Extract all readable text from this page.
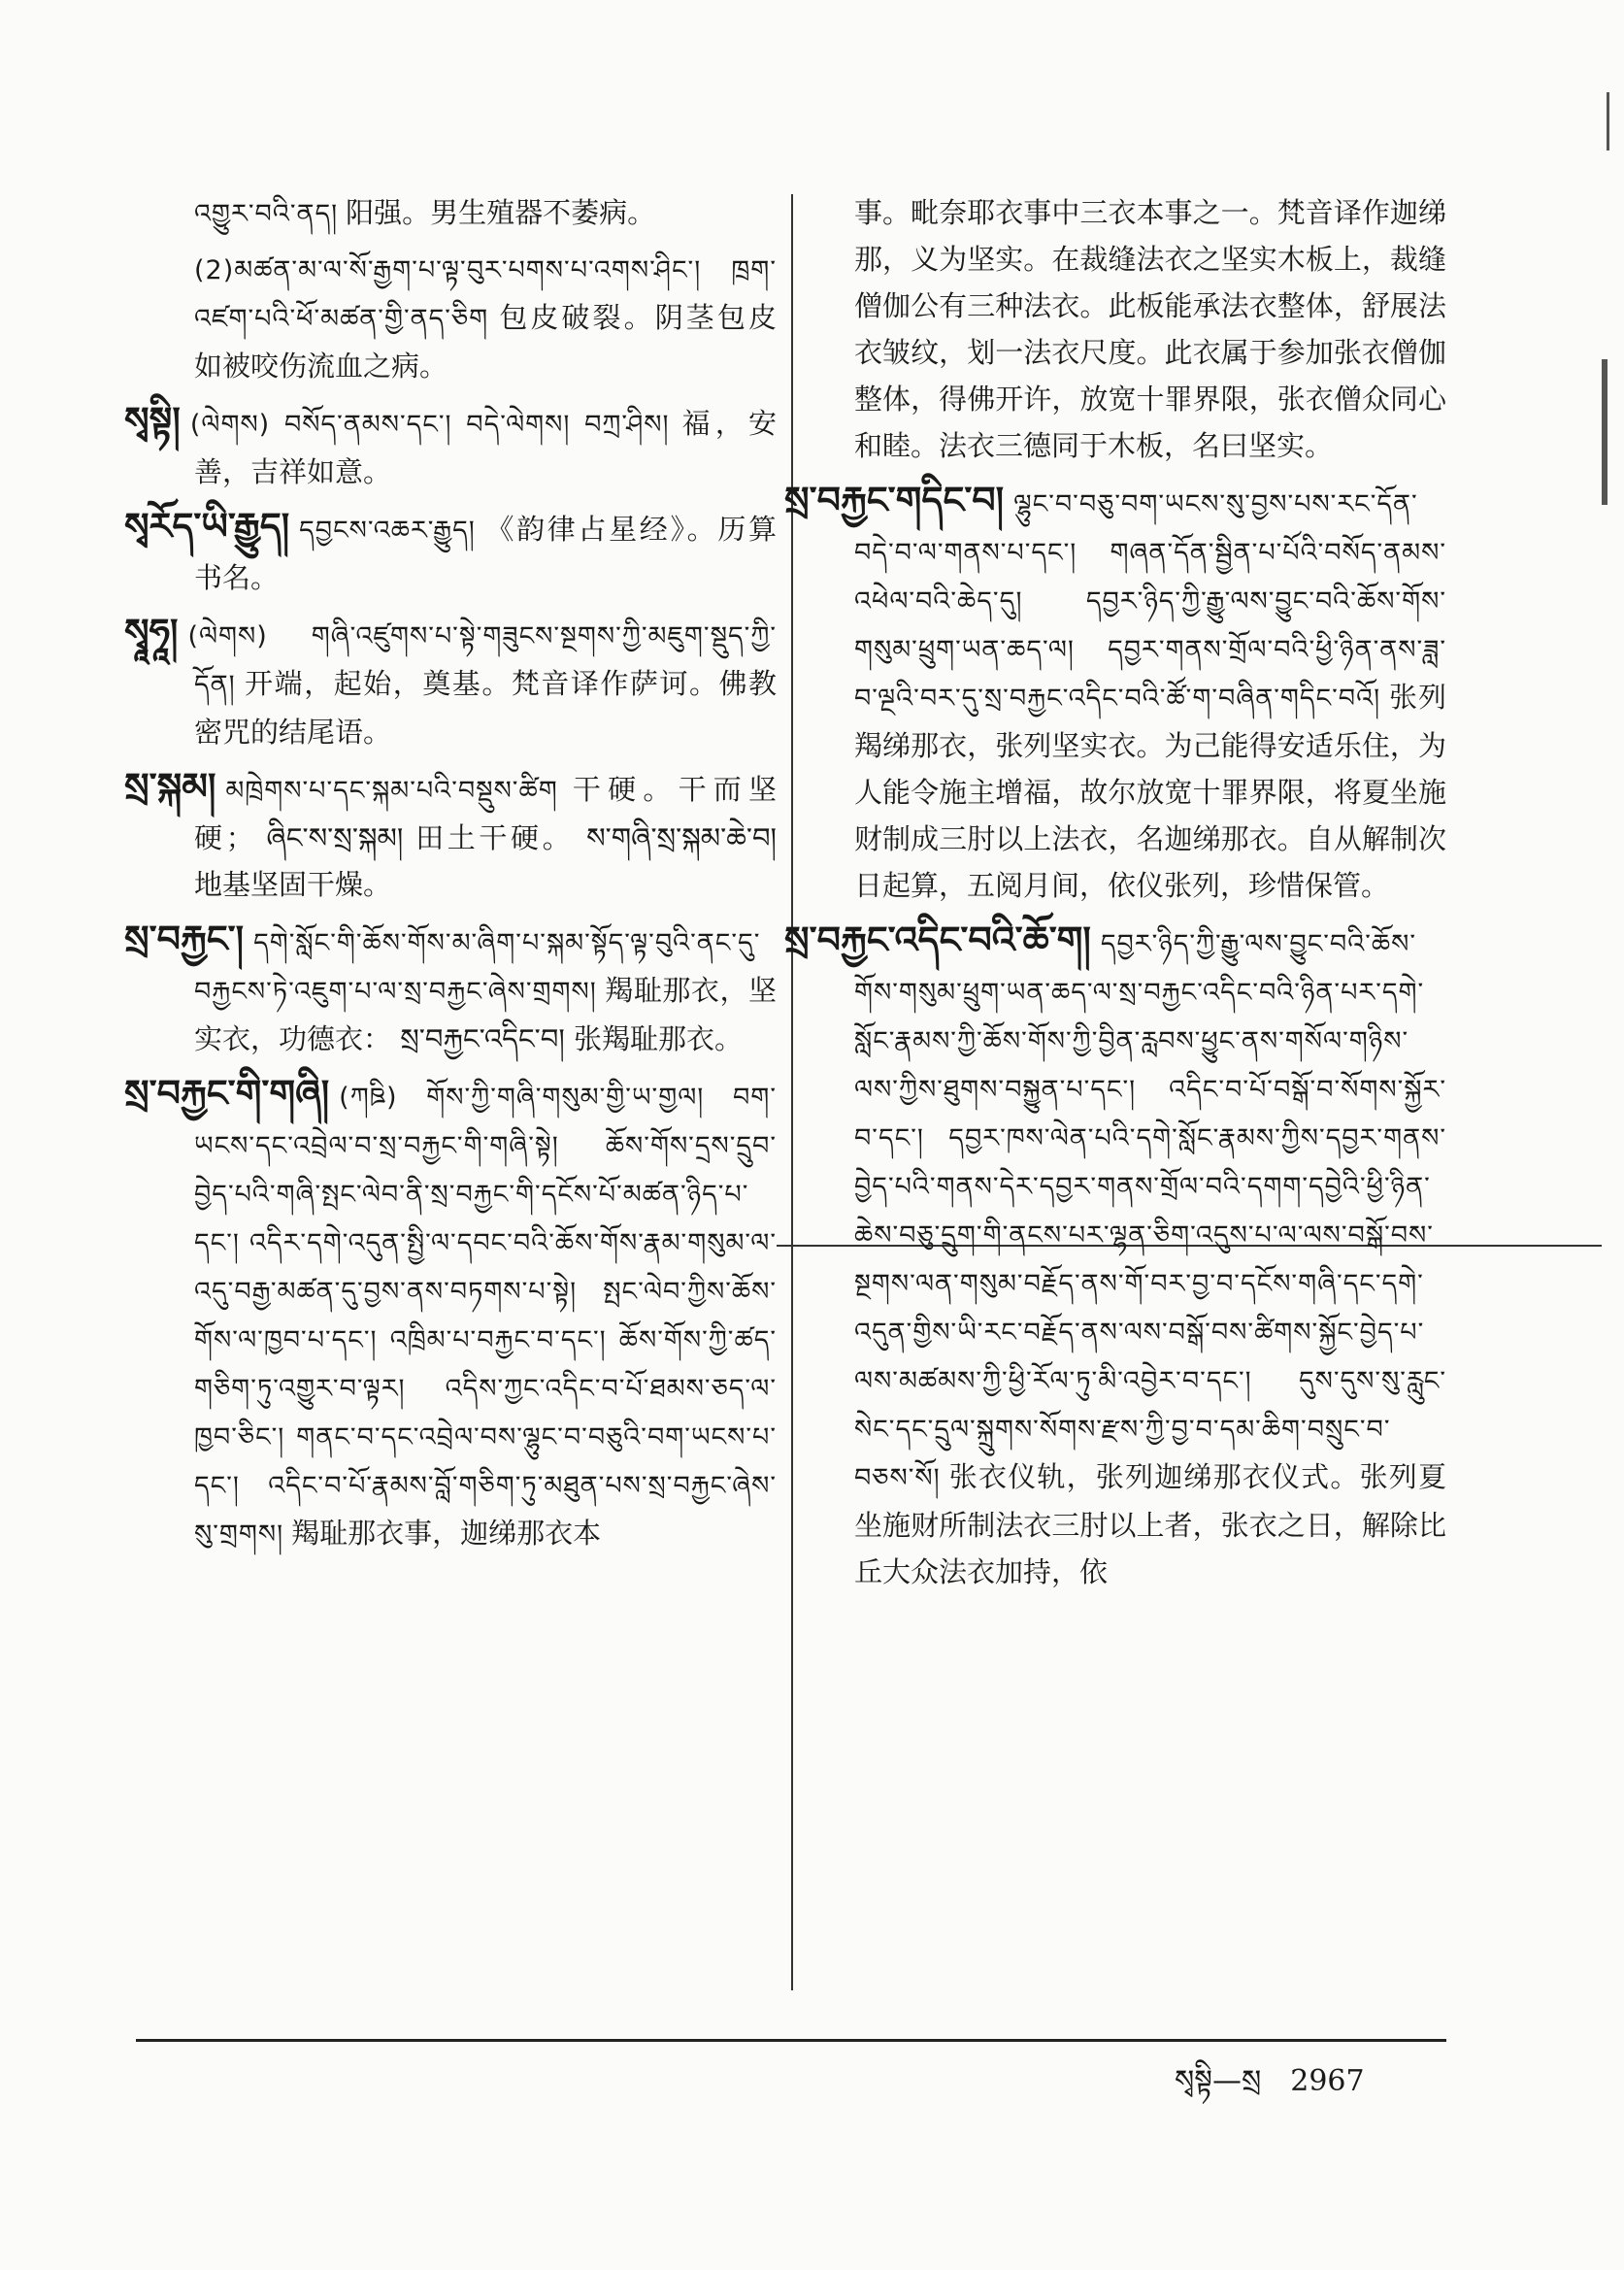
འགྱུར་བའི་ནད། 阳强。男生殖器不萎病。

(2)མཚན་མ་ལ་སོ་རྒྱག་པ་ལྟ་བུར་པགས་པ་འགས་ཤིང་། ཁྲག་འཛག་པའི་ཕོ་མཚན་གྱི་ནད་ཅིག 包皮破裂。阴茎包皮如被咬伤流血之病。

སྭསྟི། (ལེགས) བསོད་ནམས་དང་། བདེ་ལེགས། བཀྲ་ཤིས། 福，安善，吉祥如意。

སྭརོད་ཡི་རྒྱུད། དབྱངས་འཆར་རྒྱུད། 《韵律占星经》。历算书名。

སྭཱཧཱ། (ལེགས) གཞི་འཛུགས་པ་སྟེ་གཟུངས་སྔགས་ཀྱི་མཇུག་སྡུད་ཀྱི་དོན། 开端，起始，奠基。梵音译作萨诃。佛教密咒的结尾语。

སྲ་སྐམ། མཁྲེགས་པ་དང་སྐམ་པའི་བསྡུས་ཚིག 干硬。干而坚硬； ཞིང་ས་སྲ་སྐམ། 田土干硬。 ས་གཞི་སྲ་སྐམ་ཆེ་བ། 地基坚固干燥。

སྲ་བརྐྱང་། དགེ་སློང་གི་ཆོས་གོས་མ་ཞིག་པ་སྐམ་སྟོད་ལྟ་བུའི་ནང་དུ་བརྐྱངས་ཏེ་འཇུག་པ་ལ་སྲ་བརྐྱང་ཞེས་གྲགས། 羯耻那衣，坚实衣，功德衣： སྲ་བརྐྱང་འདིང་བ། 张羯耻那衣。

སྲ་བརྐྱང་གི་གཞི། (ཀཋི) གོས་ཀྱི་གཞི་གསུམ་གྱི་ཡ་གྱལ། བག་ཡངས་དང་འབྲེལ་བ་སྲ་བརྐྱང་གི་གཞི་སྟེ། ཆོས་གོས་དྲས་དྲུབ་བྱེད་པའི་གཞི་སྤང་ལེབ་ནི་སྲ་བརྐྱང་གི་དངོས་པོ་མཚན་ཉིད་པ་དང་། འདིར་དགེ་འདུན་སྤྱི་ལ་དབང་བའི་ཆོས་གོས་རྣམ་གསུམ་ལ་འདུ་བརྒྱ་མཚན་དུ་བྱས་ནས་བཏགས་པ་སྟེ། སྤང་ལེབ་ཀྱིས་ཆོས་གོས་ལ་ཁྱབ་པ་དང་། འཁྲིམ་པ་བརྐྱང་བ་དང་། ཆོས་གོས་ཀྱི་ཚད་གཅིག་ཏུ་འགྱུར་བ་ལྟར། འདིས་ཀྱང་འདིང་བ་པོ་ཐམས་ཅད་ལ་ཁྱབ་ཅིང་། གནང་བ་དང་འབྲེལ་བས་ལྷུང་བ་བཅུའི་བག་ཡངས་པ་དང་། འདིང་བ་པོ་རྣམས་བློ་གཅིག་ཏུ་མཐུན་པས་སྲ་བརྐྱང་ཞེས་སུ་གྲགས། 羯耻那衣事，迦绨那衣本

事。毗奈耶衣事中三衣本事之一。梵音译作迦绨那，义为坚实。在裁缝法衣之坚实木板上，裁缝僧伽公有三种法衣。此板能承法衣整体，舒展法衣皱纹，划一法衣尺度。此衣属于参加张衣僧伽整体，得佛开许，放宽十罪界限，张衣僧众同心和睦。法衣三德同于木板，名曰坚实。

སྲ་བརྐྱང་གདིང་བ། ལྷུང་བ་བཅུ་བག་ཡངས་སུ་བྱས་པས་རང་དོན་བདེ་བ་ལ་གནས་པ་དང་། གཞན་དོན་སྦྱིན་པ་པོའི་བསོད་ནམས་འཕེལ་བའི་ཆེད་དུ། དབྱར་ཉིད་ཀྱི་རྒྱུ་ལས་བྱུང་བའི་ཆོས་གོས་གསུམ་ཕྲུག་ཡན་ཆད་ལ། དབྱར་གནས་གྲོལ་བའི་ཕྱི་ཉིན་ནས་ཟླ་བ་ལྔའི་བར་དུ་སྲ་བརྐྱང་འདིང་བའི་ཚོ་ག་བཞིན་གདིང་བའོ། 张列羯绨那衣，张列坚实衣。为己能得安适乐住，为人能令施主增福，故尔放宽十罪界限，将夏坐施财制成三肘以上法衣，名迦绨那衣。自从解制次日起算，五阅月间，依仪张列，珍惜保管。

སྲ་བརྐྱང་འདིང་བའི་ཆོ་ག། དབྱར་ཉིད་ཀྱི་རྒྱུ་ལས་བྱུང་བའི་ཆོས་གོས་གསུམ་ཕྲུག་ཡན་ཆད་ལ་སྲ་བརྐྱང་འདིང་བའི་ཉིན་པར་དགེ་སློང་རྣམས་ཀྱི་ཆོས་གོས་ཀྱི་བྱིན་རླབས་ཕྱུང་ནས་གསོལ་གཉིས་ལས་ཀྱིས་ཐུགས་བསྐྱུན་པ་དང་། འདིང་བ་པོ་བསྒོ་བ་སོགས་སྐྱོར་བ་དང་། དབྱར་ཁས་ལེན་པའི་དགེ་སློང་རྣམས་ཀྱིས་དབྱར་གནས་བྱེད་པའི་གནས་དེར་དབྱར་གནས་གྲོལ་བའི་དགག་དབྱེའི་ཕྱི་ཉིན་ཆེས་བཅུ་དྲུག་གི་ནངས་པར་ལྷན་ཅིག་འདུས་པ་ལ་ལས་བསྒོ་བས་སྔགས་ལན་གསུམ་བརྗོད་ནས་གོ་བར་བྱ་བ་དངོས་གཞི་དང་དགེ་འདུན་གྱིས་ཡི་རང་བརྗོད་ནས་ལས་བསྒོ་བས་ཚིགས་སྐྱོང་བྱེད་པ་ལས་མཚམས་ཀྱི་ཕྱི་རོལ་ཏུ་མི་འབྱེར་བ་དང་། དུས་དུས་སུ་རླུང་སེང་དང་དྲུལ་སྐྲུགས་སོགས་རྫས་ཀྱི་བྱ་བ་དམ་ཆིག་བསྲུང་བ་བཅས་སོ། 张衣仪轨，张列迦绨那衣仪式。张列夏坐施财所制法衣三肘以上者，张衣之日，解除比丘大众法衣加持，依

སྭསྟི—སྲ 2967
